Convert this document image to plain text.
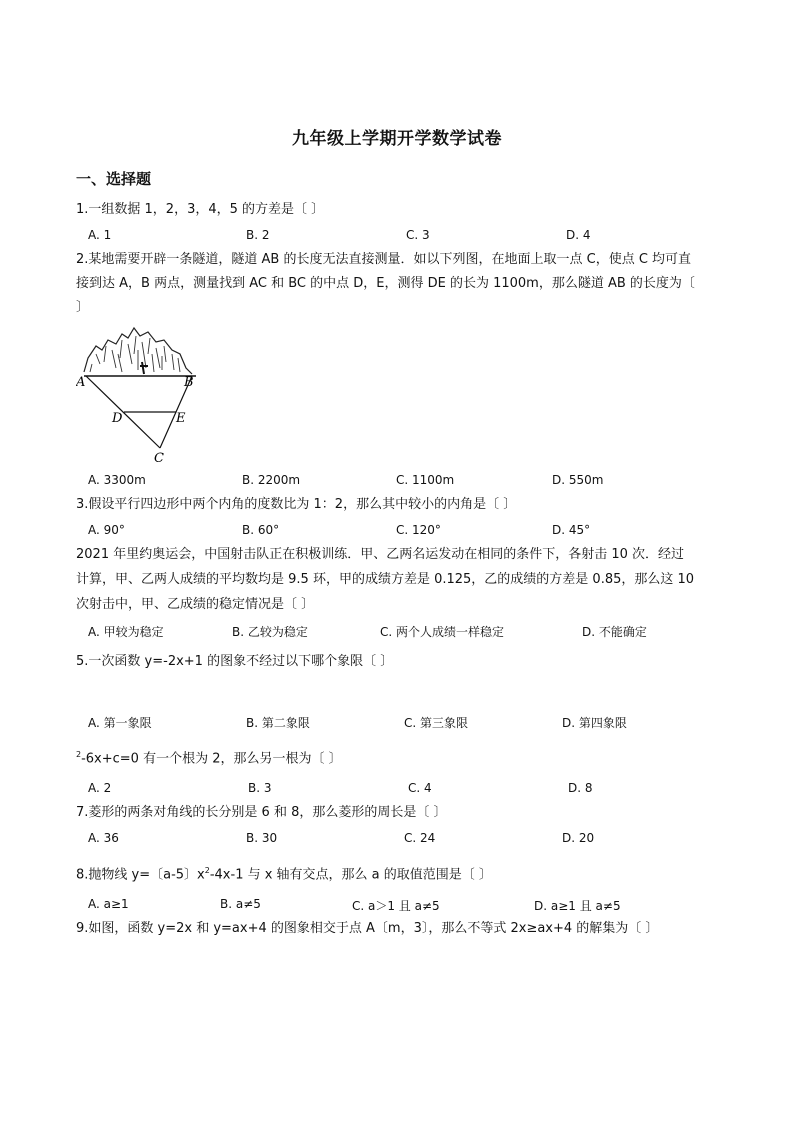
九年级上学期开学数学试卷
一、选择题
1.一组数据 1，2，3，4，5 的方差是〔 〕
A. 1	B. 2	C. 3	D. 4
2.某地需要开辟一条隧道，隧道 AB 的长度无法直接测量．如以下列图，在地面上取一点 C，使点 C 均可直
接到达 A，B 两点，测量找到 AC 和 BC 的中点 D，E，测得 DE 的长为 1100m，那么隧道 AB 的长度为〔
〕
A	B
D	E
C
A. 3300m	B. 2200m	C. 1100m	D. 550m
3.假设平行四边形中两个内角的度数比为 1：2，那么其中较小的内角是〔 〕
A. 90°	B. 60°	C. 120°	D. 45°
2021 年里约奥运会，中国射击队正在积极训练．甲、乙两名运发动在相同的条件下，各射击 10 次．经过
计算，甲、乙两人成绩的平均数均是 9.5 环，甲的成绩方差是 0.125，乙的成绩的方差是 0.85，那么这 10
次射击中，甲、乙成绩的稳定情况是〔 〕
A. 甲较为稳定	B. 乙较为稳定	C. 两个人成绩一样稳定	D. 不能确定
5.一次函数 y=-2x+1 的图象不经过以下哪个象限〔 〕
A. 第一象限	B. 第二象限	C. 第三象限	D. 第四象限
$^2$-6x+c=0 有一个根为 2，那么另一根为〔 〕
A. 2	B. 3	C. 4	D. 8
7.菱形的两条对角线的长分别是 6 和 8，那么菱形的周长是〔 〕
A. 36	B. 30	C. 24	D. 20
8.抛物线 y=〔a-5〕$x^2-4x-1$ 与 x 轴有交点，那么 a 的取值范围是〔 〕
A. a≥1	B. a≠5	C. a＞1 且 a≠5	D. a≥1 且 a≠5
9.如图，函数 y=2x 和 y=ax+4 的图象相交于点 A〔m，3〕，那么不等式 2x≥ax+4 的解集为〔 〕
